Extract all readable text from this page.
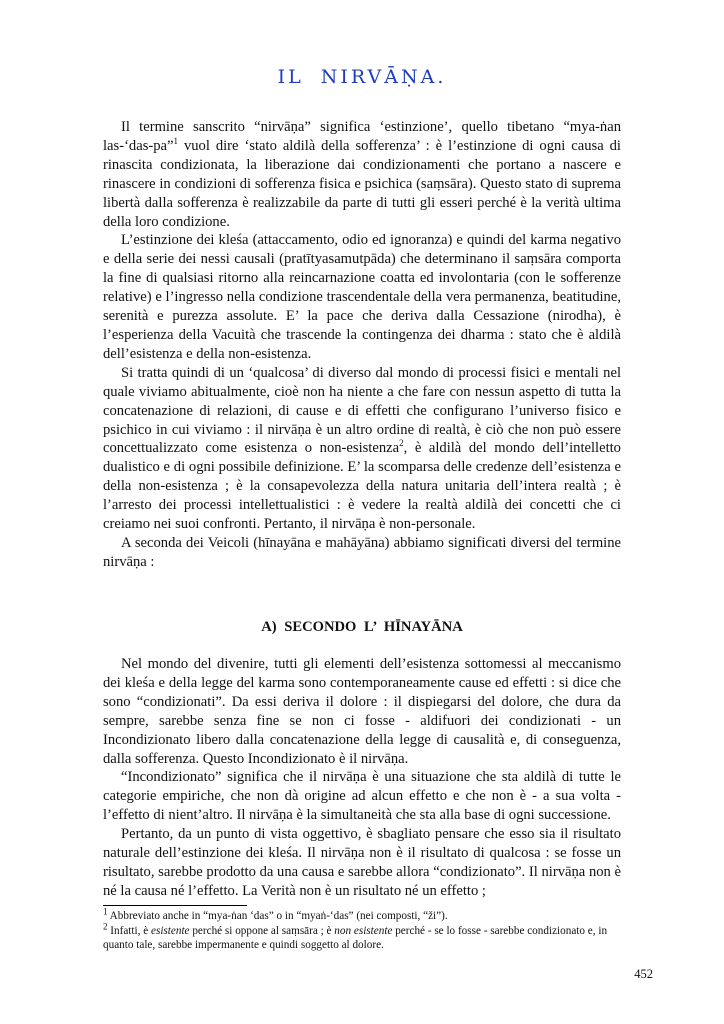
IL NIRVĀṆA.

Il termine sanscrito “nirvāṇa” significa ‘estinzione’, quello tibetano “mya-ṅan las-‘das-pa”$^1$ vuol dire ‘stato aldilà della sofferenza’ : è l’estinzione di ogni causa di rinascita condizionata, la liberazione dai condizionamenti che portano a nascere e rinascere in condizioni di sofferenza fisica e psichica (saṃsāra). Questo stato di suprema libertà dalla sofferenza è realizzabile da parte di tutti gli esseri perché è la verità ultima della loro condizione.

L’estinzione dei kleśa (attaccamento, odio ed ignoranza) e quindi del karma negativo e della serie dei nessi causali (pratītyasamutpāda) che determinano il saṃsāra comporta la fine di qualsiasi ritorno alla reincarnazione coatta ed involontaria (con le sofferenze relative) e l’ingresso nella condizione trascendentale della vera permanenza, beatitudine, serenità e purezza assolute. E’ la pace che deriva dalla Cessazione (nirodha), è l’esperienza della Vacuità che trascende la contingenza dei dharma : stato che è aldilà dell’esistenza e della non-esistenza.

Si tratta quindi di un ‘qualcosa’ di diverso dal mondo di processi fisici e mentali nel quale viviamo abitualmente, cioè non ha niente a che fare con nessun aspetto di tutta la concatenazione di relazioni, di cause e di effetti che configurano l’universo fisico e psichico in cui viviamo : il nirvāṇa è un altro ordine di realtà, è ciò che non può essere concettualizzato come esistenza o non-esistenza$^2$, è aldilà del mondo dell’intelletto dualistico e di ogni possibile definizione. E’ la scomparsa delle credenze dell’esistenza e della non-esistenza ; è la consapevolezza della natura unitaria dell’intera realtà ; è l’arresto dei processi intellettualistici : è vedere la realtà aldilà dei concetti che ci creiamo nei suoi confronti. Pertanto, il nirvāṇa è non-personale.

A seconda dei Veicoli (hīnayāna e mahāyāna) abbiamo significati diversi del termine nirvāṇa :

A) SECONDO L’ HĪNAYĀNA

Nel mondo del divenire, tutti gli elementi dell’esistenza sottomessi al meccanismo dei kleśa e della legge del karma sono contemporaneamente cause ed effetti : si dice che sono “condizionati”. Da essi deriva il dolore : il dispiegarsi del dolore, che dura da sempre, sarebbe senza fine se non ci fosse - aldifuori dei condizionati - un Incondizionato libero dalla concatenazione della legge di causalità e, di conseguenza, dalla sofferenza. Questo Incondizionato è il nirvāṇa.

“Incondizionato” significa che il nirvāṇa è una situazione che sta aldilà di tutte le categorie empiriche, che non dà origine ad alcun effetto e che non è - a sua volta - l’effetto di nient’altro. Il nirvāṇa è la simultaneità che sta alla base di ogni successione.

Pertanto, da un punto di vista oggettivo, è sbagliato pensare che esso sia il risultato naturale dell’estinzione dei kleśa. Il nirvāṇa non è il risultato di qualcosa : se fosse un risultato, sarebbe prodotto da una causa e sarebbe allora “condizionato”. Il nirvāṇa non è né la causa né l’effetto. La Verità non è un risultato né un effetto ;

$^1$ Abbreviato anche in “mya-ṅan ‘das” o in “myaṅ-‘das” (nei composti, “ži”).

$^2$ Infatti, è esistente perché si oppone al saṃsāra ; è non esistente perché - se lo fosse - sarebbe condizionato e, in quanto tale, sarebbe impermanente e quindi soggetto al dolore.

452
